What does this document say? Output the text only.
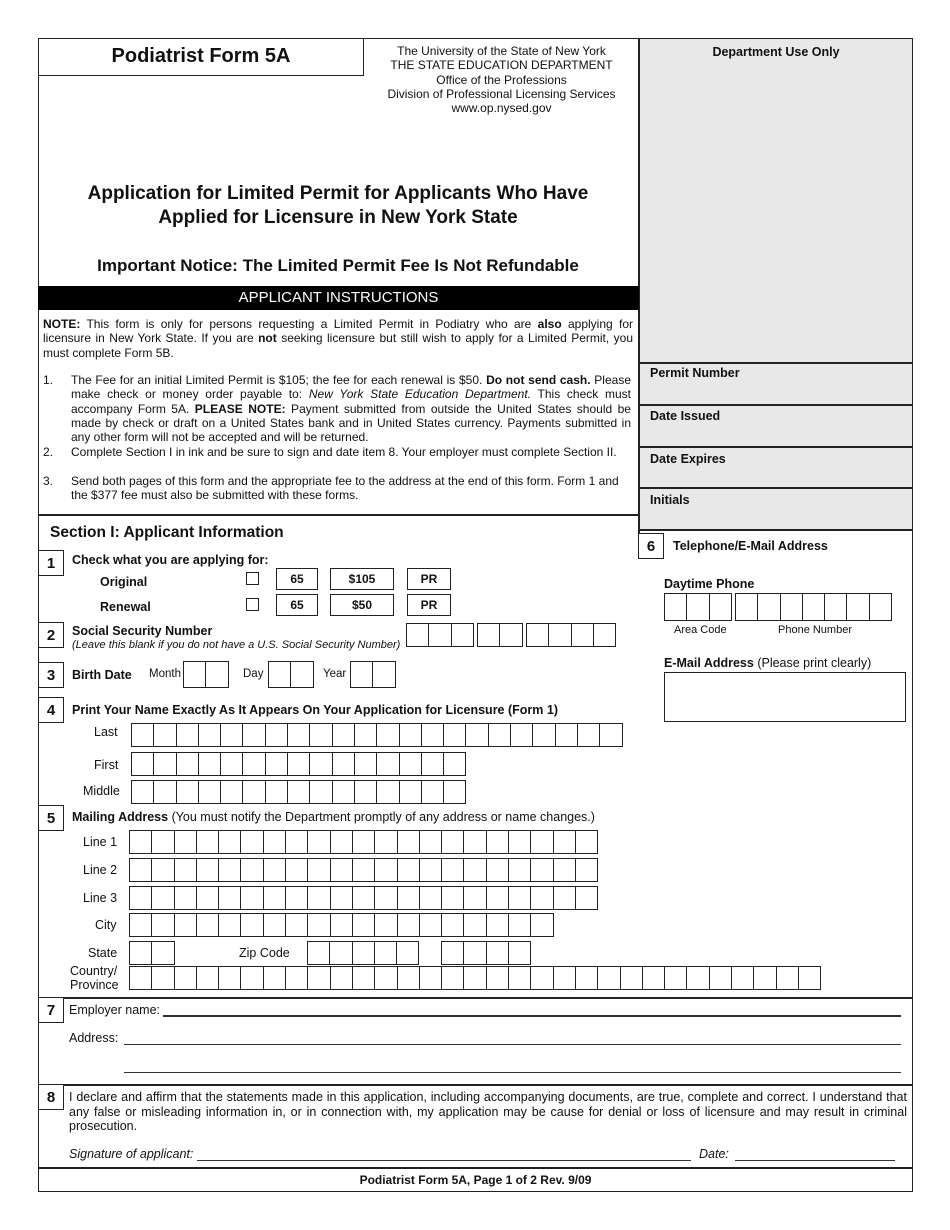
Department Use Only
Permit Number
Date Issued
Date Expires
Initials
Podiatrist Form 5A	The University of the State of New York
THE STATE EDUCATION DEPARTMENT
Office of the Professions
Division of Professional Licensing Services
www.op.nysed.gov
Application for Limited Permit for Applicants Who Have
Applied for Licensure in New York State
Important Notice: The Limited Permit Fee Is Not Refundable
APPLICANT INSTRUCTIONS
NOTE: This form is only for persons requesting a Limited Permit in Podiatry who are also applying for licensure in New York State. If you are not seeking licensure but still wish to apply for a Limited Permit, you must complete Form 5B.
1. The Fee for an initial Limited Permit is $105; the fee for each renewal is $50. Do not send cash. Please make check or money order payable to: New York State Education Department. This check must accompany Form 5A. PLEASE NOTE: Payment submitted from outside the United States should be made by check or draft on a United States bank and in United States currency. Payments submitted in any other form will not be accepted and will be returned.
2. Complete Section I in ink and be sure to sign and date item 8. Your employer must complete Section II.
3. Send both pages of this form and the appropriate fee to the address at the end of this form. Form 1 and the $377 fee must also be submitted with these forms.
Section I: Applicant Information
1	Check what you are applying for:
Original	65	$105	PR
Renewal	65	$50	PR
2	Social Security Number
(Leave this blank if you do not have a U.S. Social Security Number)
3	Birth Date Month	Day	Year
4	Print Your Name Exactly As It Appears On Your Application for Licensure (Form 1)
Last
First
Middle
5	Mailing Address (You must notify the Department promptly of any address or name changes.)
Line 1
Line 2
Line 3
City
State	Zip Code
Country/
Province
6	Telephone/E-Mail Address
Daytime Phone
Area Code	Phone Number
E-Mail Address (Please print clearly)
7	Employer name:
Address:
8	I declare and affirm that the statements made in this application, including accompanying documents, are true, complete and correct. I understand that any false or misleading information in, or in connection with, my application may be cause for denial or loss of licensure and may result in criminal prosecution.
Signature of applicant:	Date:
Podiatrist Form 5A, Page 1 of 2 Rev. 9/09
